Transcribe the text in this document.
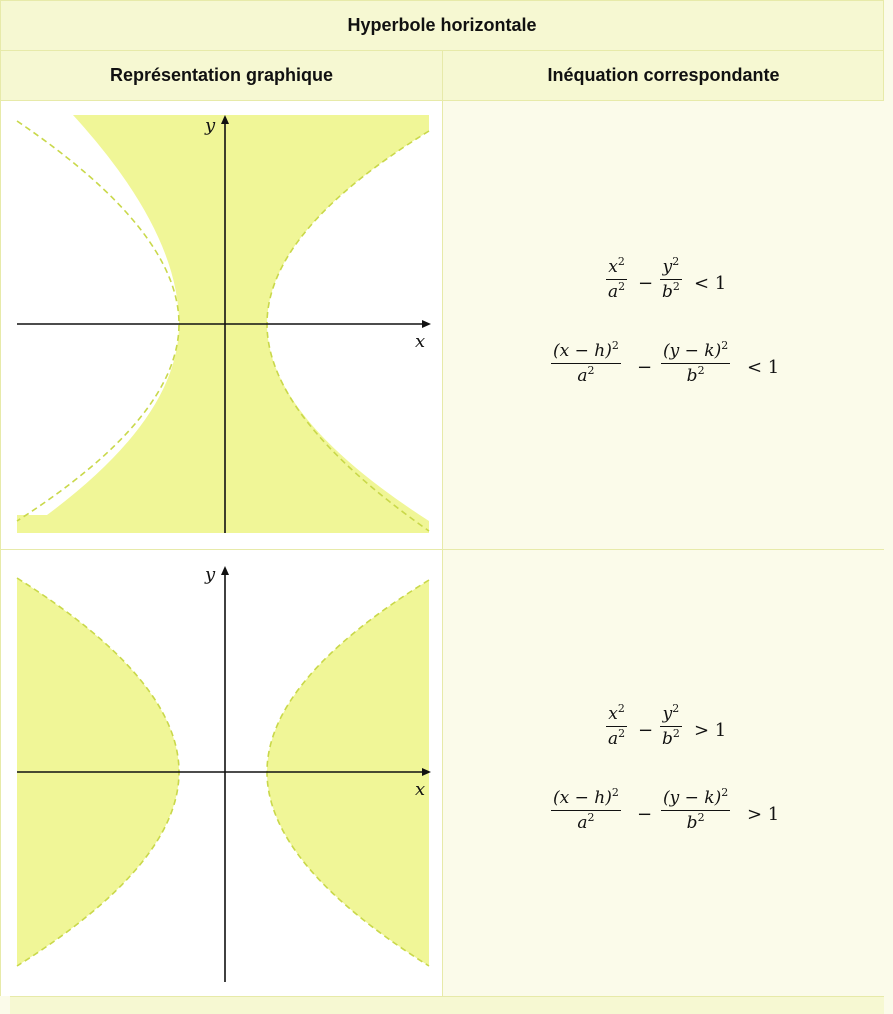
Hyperbole horizontale
Représentation graphique	Inéquation correspondante
x
y
$\frac{x^2}{a^2} - \frac{y^2}{b^2} < 1$
$\frac{(x - h)^2}{a^2} - \frac{(y - k)^2}{b^2} < 1$
x
y
$\frac{x^2}{a^2} - \frac{y^2}{b^2} > 1$
$\frac{(x - h)^2}{a^2} - \frac{(y - k)^2}{b^2} > 1$
